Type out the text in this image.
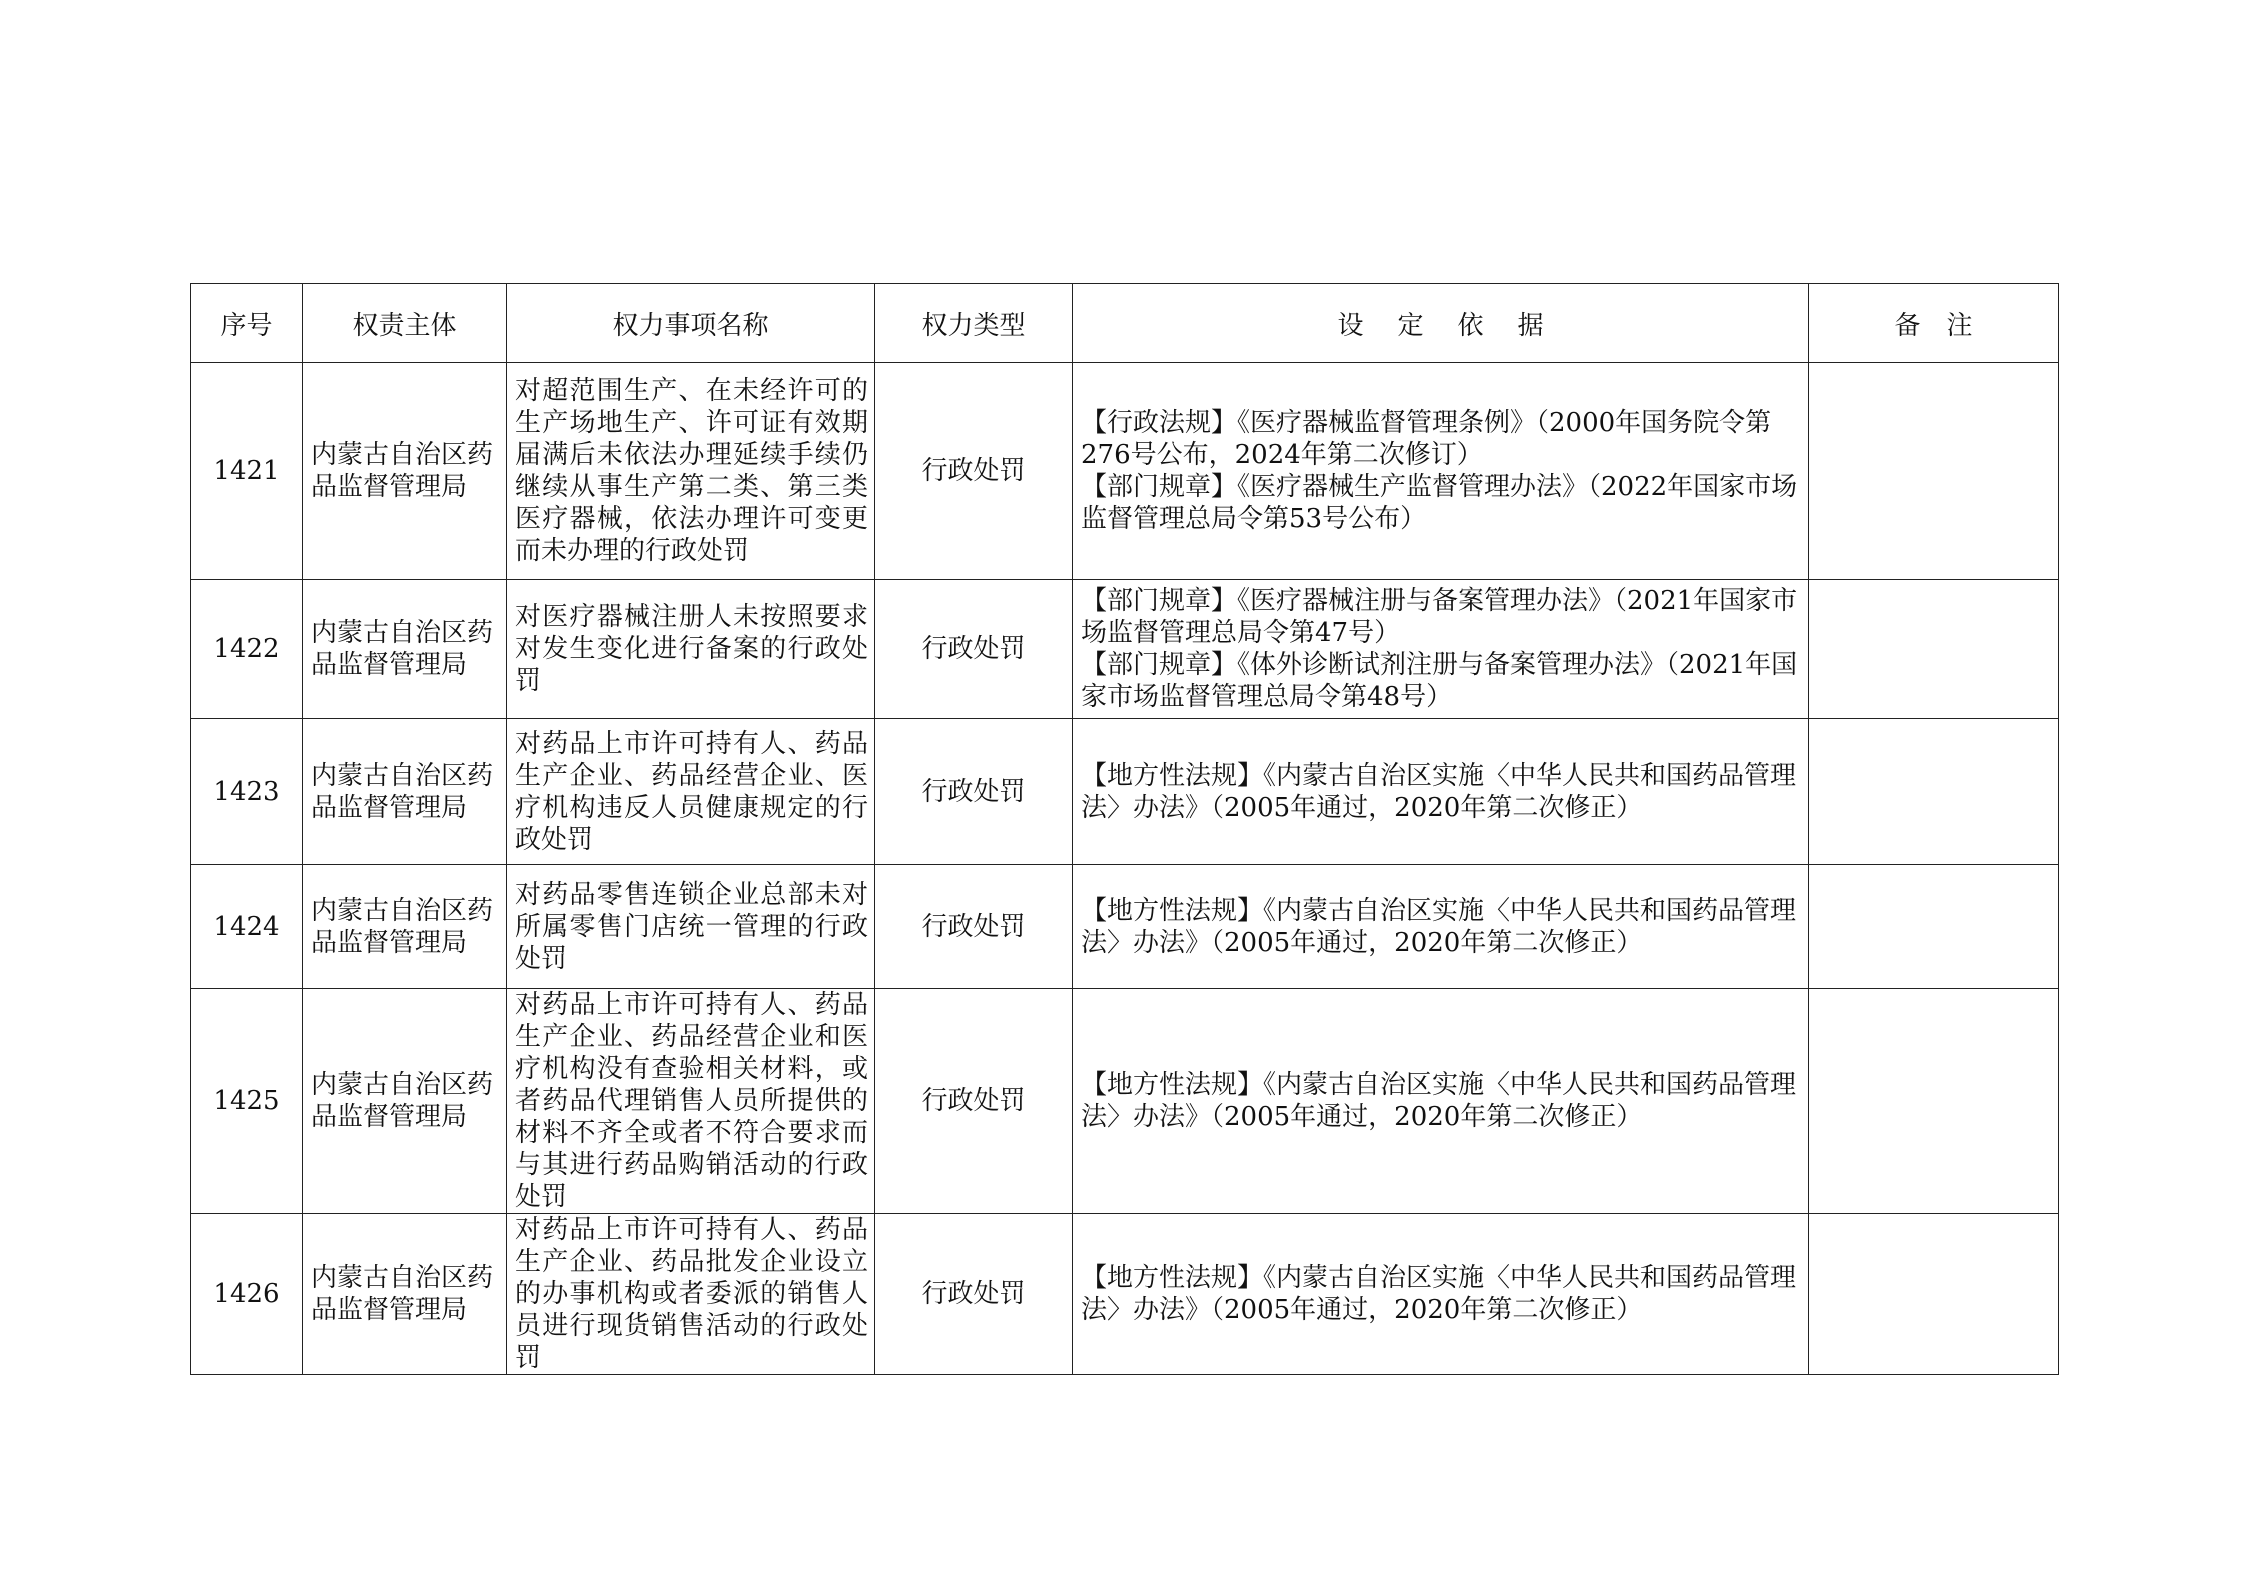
序号	权责主体	权力事项名称	权力类型	设定依据	备注
1421	内蒙古自治区药品监督管理局	对超范围生产、在未经许可的生产场地生产、许可证有效期届满后未依法办理延续手续仍继续从事生产第二类、第三类医疗器械，依法办理许可变更而未办理的行政处罚	行政处罚	【行政法规】《医疗器械监督管理条例》（2000年国务院令第276号公布，2024年第二次修订）
【部门规章】《医疗器械生产监督管理办法》（2022年国家市场监督管理总局令第53号公布）	

1422	内蒙古自治区药品监督管理局	对医疗器械注册人未按照要求对发生变化进行备案的行政处罚	行政处罚	【部门规章】《医疗器械注册与备案管理办法》（2021年国家市场监督管理总局令第47号）
【部门规章】《体外诊断试剂注册与备案管理办法》（2021年国家市场监督管理总局令第48号）	

1423	内蒙古自治区药品监督管理局	对药品上市许可持有人、药品生产企业、药品经营企业、医疗机构违反人员健康规定的行政处罚	行政处罚	【地方性法规】《内蒙古自治区实施〈中华人民共和国药品管理法〉办法》（2005年通过，2020年第二次修正）	

1424	内蒙古自治区药品监督管理局	对药品零售连锁企业总部未对所属零售门店统一管理的行政处罚	行政处罚	【地方性法规】《内蒙古自治区实施〈中华人民共和国药品管理法〉办法》（2005年通过，2020年第二次修正）	

1425	内蒙古自治区药品监督管理局	对药品上市许可持有人、药品生产企业、药品经营企业和医疗机构没有查验相关材料，或者药品代理销售人员所提供的材料不齐全或者不符合要求而与其进行药品购销活动的行政处罚	行政处罚	【地方性法规】《内蒙古自治区实施〈中华人民共和国药品管理法〉办法》（2005年通过，2020年第二次修正）	

1426	内蒙古自治区药品监督管理局	对药品上市许可持有人、药品生产企业、药品批发企业设立的办事机构或者委派的销售人员进行现货销售活动的行政处罚	行政处罚	【地方性法规】《内蒙古自治区实施〈中华人民共和国药品管理法〉办法》（2005年通过，2020年第二次修正）	
